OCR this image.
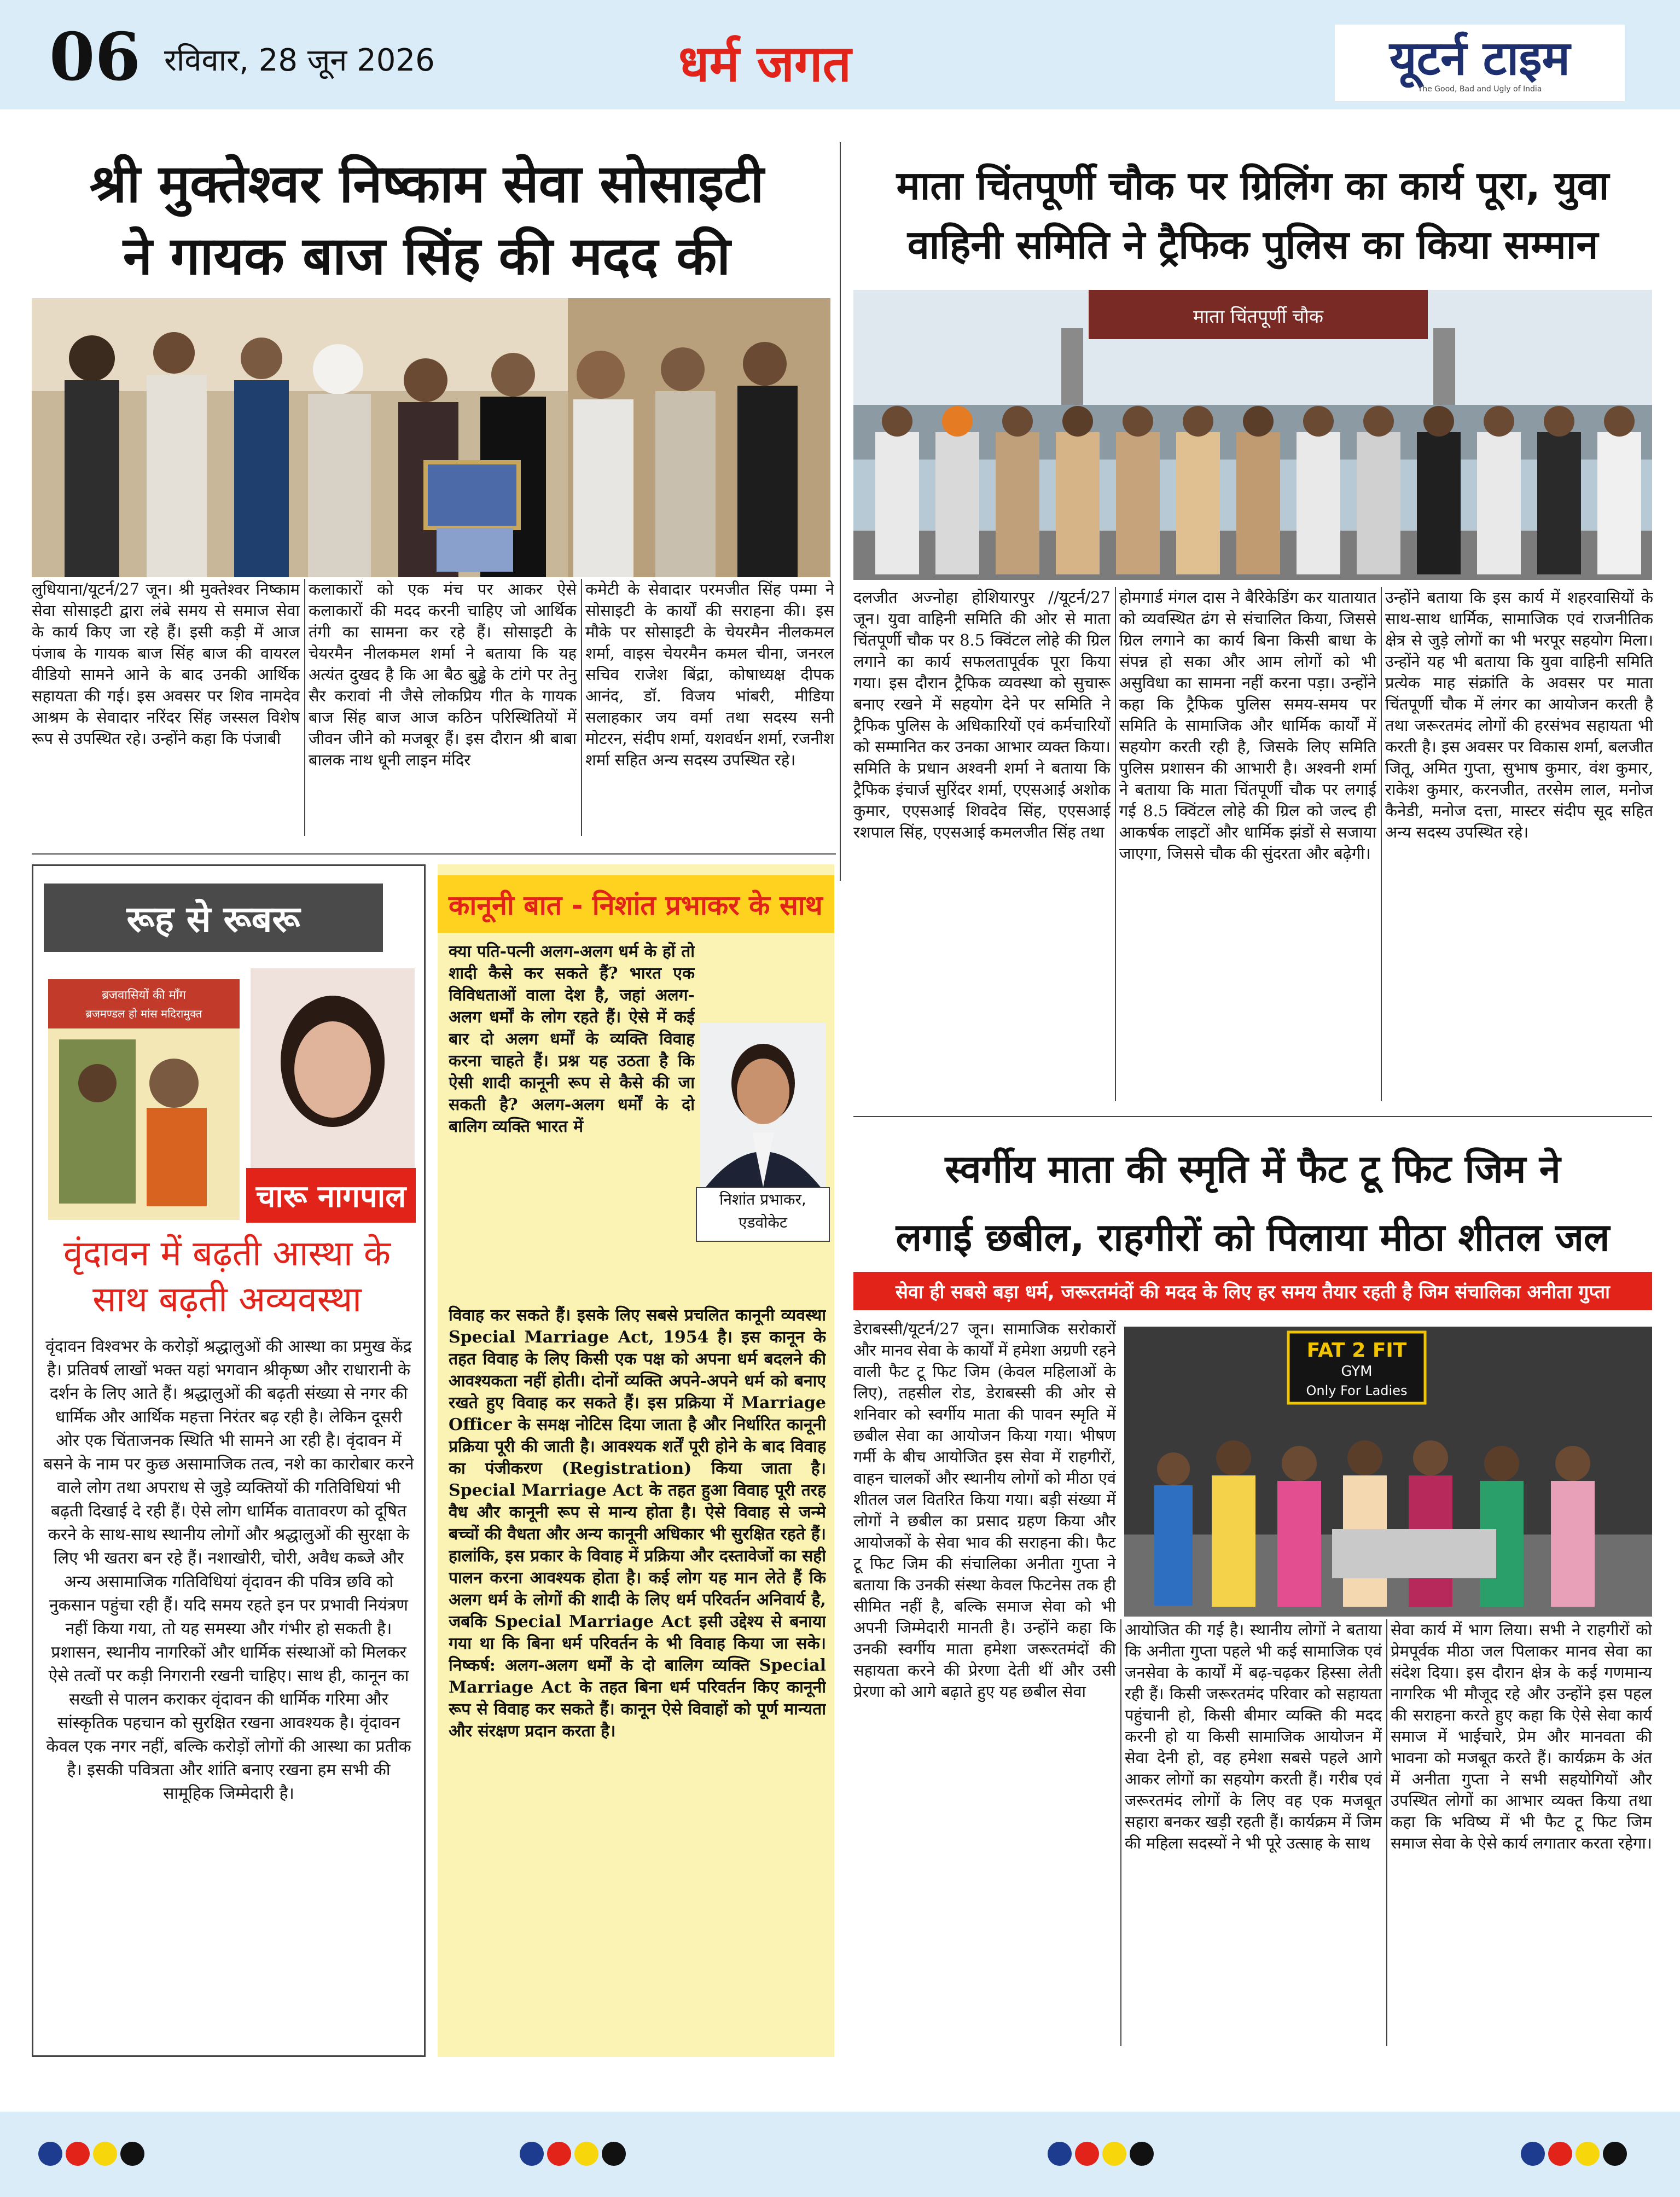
06 रविवार, 28 जून 2026	धर्म जगत	यूटर्न टाइम
The Good, Bad and Ugly of India
श्री मुक्तेश्वर निष्काम सेवा सोसाइटी
ने गायक बाज सिंह की मदद की
लुधियाना/यूटर्न/27 जून। श्री मुक्तेश्वर निष्काम सेवा सोसाइटी द्वारा लंबे समय से समाज सेवा के कार्य किए जा रहे हैं। इसी कड़ी में आज पंजाब के गायक बाज सिंह बाज की वायरल वीडियो सामने आने के बाद उनकी आर्थिक सहायता की गई। इस अवसर पर शिव नामदेव आश्रम के सेवादार नरिंदर सिंह जस्सल विशेष रूप से उपस्थित रहे। उन्होंने कहा कि पंजाबी
कलाकारों को एक मंच पर आकर ऐसे कलाकारों की मदद करनी चाहिए जो आर्थिक तंगी का सामना कर रहे हैं। सोसाइटी के चेयरमैन नीलकमल शर्मा ने बताया कि यह अत्यंत दुखद है कि आ बैठ बुड्ढे के टांगे पर तेनु सैर करावां नी जैसे लोकप्रिय गीत के गायक बाज सिंह बाज आज कठिन परिस्थितियों में जीवन जीने को मजबूर हैं। इस दौरान श्री बाबा बालक नाथ धूनी लाइन मंदिर
कमेटी के सेवादार परमजीत सिंह पम्मा ने सोसाइटी के कार्यों की सराहना की। इस मौके पर सोसाइटी के चेयरमैन नीलकमल शर्मा, वाइस चेयरमैन कमल चीना, जनरल सचिव राजेश बिंद्रा, कोषाध्यक्ष दीपक आनंद, डॉ. विजय भांबरी, मीडिया सलाहकार जय वर्मा तथा सदस्य सनी मोटरन, संदीप शर्मा, यशवर्धन शर्मा, रजनीश शर्मा सहित अन्य सदस्य उपस्थित रहे।
माता चिंतपूर्णी चौक पर ग्रिलिंग का कार्य पूरा, युवा
वाहिनी समिति ने ट्रैफिक पुलिस का किया सम्मान
माता चिंतपूर्णी चौक
दलजीत अज्नोहा होशियारपुर //यूटर्न/27 जून। युवा वाहिनी समिति की ओर से माता चिंतपूर्णी चौक पर 8.5 क्विंटल लोहे की ग्रिल लगाने का कार्य सफलतापूर्वक पूरा किया गया। इस दौरान ट्रैफिक व्यवस्था को सुचारू बनाए रखने में सहयोग देने पर समिति ने ट्रैफिक पुलिस के अधिकारियों एवं कर्मचारियों को सम्मानित कर उनका आभार व्यक्त किया। समिति के प्रधान अश्वनी शर्मा ने बताया कि ट्रैफिक इंचार्ज सुरिंदर शर्मा, एएसआई अशोक कुमार, एएसआई शिवदेव सिंह, एएसआई रशपाल सिंह, एएसआई कमलजीत सिंह तथा
होमगार्ड मंगल दास ने बैरिकेडिंग कर यातायात को व्यवस्थित ढंग से संचालित किया, जिससे ग्रिल लगाने का कार्य बिना किसी बाधा के संपन्न हो सका और आम लोगों को भी असुविधा का सामना नहीं करना पड़ा। उन्होंने कहा कि ट्रैफिक पुलिस समय-समय पर समिति के सामाजिक और धार्मिक कार्यों में सहयोग करती रही है, जिसके लिए समिति पुलिस प्रशासन की आभारी है। अश्वनी शर्मा ने बताया कि माता चिंतपूर्णी चौक पर लगाई गई 8.5 क्विंटल लोहे की ग्रिल को जल्द ही आकर्षक लाइटों और धार्मिक झंडों से सजाया जाएगा, जिससे चौक की सुंदरता और बढ़ेगी।
उन्होंने बताया कि इस कार्य में शहरवासियों के साथ-साथ धार्मिक, सामाजिक एवं राजनीतिक क्षेत्र से जुड़े लोगों का भी भरपूर सहयोग मिला। उन्होंने यह भी बताया कि युवा वाहिनी समिति प्रत्येक माह संक्रांति के अवसर पर माता चिंतपूर्णी चौक में लंगर का आयोजन करती है तथा जरूरतमंद लोगों की हरसंभव सहायता भी करती है। इस अवसर पर विकास शर्मा, बलजीत जितू, अमित गुप्ता, सुभाष कुमार, वंश कुमार, राकेश कुमार, करनजीत, तरसेम लाल, मनोज कैनेडी, मनोज दत्ता, मास्टर संदीप सूद सहित अन्य सदस्य उपस्थित रहे।
रूह से रूबरू
ब्रजवासियों की माँग
ब्रजमण्डल हो मांस मदिरामुक्त
चारू नागपाल
वृंदावन में बढ़ती आस्था के
साथ बढ़ती अव्यवस्था
वृंदावन विश्वभर के करोड़ों श्रद्धालुओं की आस्था का प्रमुख केंद्र है। प्रतिवर्ष लाखों भक्त यहां भगवान श्रीकृष्ण और राधारानी के दर्शन के लिए आते हैं। श्रद्धालुओं की बढ़ती संख्या से नगर की धार्मिक और आर्थिक महत्ता निरंतर बढ़ रही है। लेकिन दूसरी ओर एक चिंताजनक स्थिति भी सामने आ रही है। वृंदावन में बसने के नाम पर कुछ असामाजिक तत्व, नशे का कारोबार करने वाले लोग तथा अपराध से जुड़े व्यक्तियों की गतिविधियां भी बढ़ती दिखाई दे रही हैं। ऐसे लोग धार्मिक वातावरण को दूषित करने के साथ-साथ स्थानीय लोगों और श्रद्धालुओं की सुरक्षा के लिए भी खतरा बन रहे हैं। नशाखोरी, चोरी, अवैध कब्जे और अन्य असामाजिक गतिविधियां वृंदावन की पवित्र छवि को नुकसान पहुंचा रही हैं। यदि समय रहते इन पर प्रभावी नियंत्रण नहीं किया गया, तो यह समस्या और गंभीर हो सकती है। प्रशासन, स्थानीय नागरिकों और धार्मिक संस्थाओं को मिलकर ऐसे तत्वों पर कड़ी निगरानी रखनी चाहिए। साथ ही, कानून का सख्ती से पालन कराकर वृंदावन की धार्मिक गरिमा और सांस्कृतिक पहचान को सुरक्षित रखना आवश्यक है। वृंदावन केवल एक नगर नहीं, बल्कि करोड़ों लोगों की आस्था का प्रतीक है। इसकी पवित्रता और शांति बनाए रखना हम सभी की सामूहिक जिम्मेदारी है।
कानूनी बात - निशांत प्रभाकर के साथ
क्या पति-पत्नी अलग-अलग धर्म के हों तो शादी कैसे कर सकते हैं? भारत एक विविधताओं वाला देश है, जहां अलग-अलग धर्मों के लोग रहते हैं। ऐसे में कई बार दो अलग धर्मों के व्यक्ति विवाह करना चाहते हैं। प्रश्न यह उठता है कि ऐसी शादी कानूनी रूप से कैसे की जा सकती है? अलग-अलग धर्मों के दो बालिग व्यक्ति भारत में
निशांत प्रभाकर,
एडवोकेट
विवाह कर सकते हैं। इसके लिए सबसे प्रचलित कानूनी व्यवस्था Special Marriage Act, 1954 है। इस कानून के तहत विवाह के लिए किसी एक पक्ष को अपना धर्म बदलने की आवश्यकता नहीं होती। दोनों व्यक्ति अपने-अपने धर्म को बनाए रखते हुए विवाह कर सकते हैं। इस प्रक्रिया में Marriage Officer के समक्ष नोटिस दिया जाता है और निर्धारित कानूनी प्रक्रिया पूरी की जाती है। आवश्यक शर्तें पूरी होने के बाद विवाह का पंजीकरण (Registration) किया जाता है। Special Marriage Act के तहत हुआ विवाह पूरी तरह वैध और कानूनी रूप से मान्य होता है। ऐसे विवाह से जन्मे बच्चों की वैधता और अन्य कानूनी अधिकार भी सुरक्षित रहते हैं। हालांकि, इस प्रकार के विवाह में प्रक्रिया और दस्तावेजों का सही पालन करना आवश्यक होता है। कई लोग यह मान लेते हैं कि अलग धर्म के लोगों की शादी के लिए धर्म परिवर्तन अनिवार्य है, जबकि Special Marriage Act इसी उद्देश्य से बनाया गया था कि बिना धर्म परिवर्तन के भी विवाह किया जा सके। निष्कर्ष: अलग-अलग धर्मों के दो बालिग व्यक्ति Special Marriage Act के तहत बिना धर्म परिवर्तन किए कानूनी रूप से विवाह कर सकते हैं। कानून ऐसे विवाहों को पूर्ण मान्यता और संरक्षण प्रदान करता है।
स्वर्गीय माता की स्मृति में फैट टू फिट जिम ने
लगाई छबील, राहगीरों को पिलाया मीठा शीतल जल
सेवा ही सबसे बड़ा धर्म, जरूरतमंदों की मदद के लिए हर समय तैयार रहती है जिम संचालिका अनीता गुप्ता
FAT 2 FIT
GYM
Only For Ladies
डेराबस्सी/यूटर्न/27 जून। सामाजिक सरोकारों और मानव सेवा के कार्यों में हमेशा अग्रणी रहने वाली फैट टू फिट जिम (केवल महिलाओं के लिए), तहसील रोड, डेराबस्सी की ओर से शनिवार को स्वर्गीय माता की पावन स्मृति में छबील सेवा का आयोजन किया गया। भीषण गर्मी के बीच आयोजित इस सेवा में राहगीरों, वाहन चालकों और स्थानीय लोगों को मीठा एवं शीतल जल वितरित किया गया। बड़ी संख्या में लोगों ने छबील का प्रसाद ग्रहण किया और आयोजकों के सेवा भाव की सराहना की। फैट टू फिट जिम की संचालिका अनीता गुप्ता ने बताया कि उनकी संस्था केवल फिटनेस तक ही सीमित नहीं है, बल्कि समाज सेवा को भी अपनी जिम्मेदारी मानती है। उन्होंने कहा कि उनकी स्वर्गीय माता हमेशा जरूरतमंदों की सहायता करने की प्रेरणा देती थीं और उसी प्रेरणा को आगे बढ़ाते हुए यह छबील सेवा
आयोजित की गई है। स्थानीय लोगों ने बताया कि अनीता गुप्ता पहले भी कई सामाजिक एवं जनसेवा के कार्यों में बढ़-चढ़कर हिस्सा लेती रही हैं। किसी जरूरतमंद परिवार को सहायता पहुंचानी हो, किसी बीमार व्यक्ति की मदद करनी हो या किसी सामाजिक आयोजन में सेवा देनी हो, वह हमेशा सबसे पहले आगे आकर लोगों का सहयोग करती हैं। गरीब एवं जरूरतमंद लोगों के लिए वह एक मजबूत सहारा बनकर खड़ी रहती हैं। कार्यक्रम में जिम की महिला सदस्यों ने भी पूरे उत्साह के साथ
सेवा कार्य में भाग लिया। सभी ने राहगीरों को प्रेमपूर्वक मीठा जल पिलाकर मानव सेवा का संदेश दिया। इस दौरान क्षेत्र के कई गणमान्य नागरिक भी मौजूद रहे और उन्होंने इस पहल की सराहना करते हुए कहा कि ऐसे सेवा कार्य समाज में भाईचारे, प्रेम और मानवता की भावना को मजबूत करते हैं। कार्यक्रम के अंत में अनीता गुप्ता ने सभी सहयोगियों और उपस्थित लोगों का आभार व्यक्त किया तथा कहा कि भविष्य में भी फैट टू फिट जिम समाज सेवा के ऐसे कार्य लगातार करता रहेगा।
